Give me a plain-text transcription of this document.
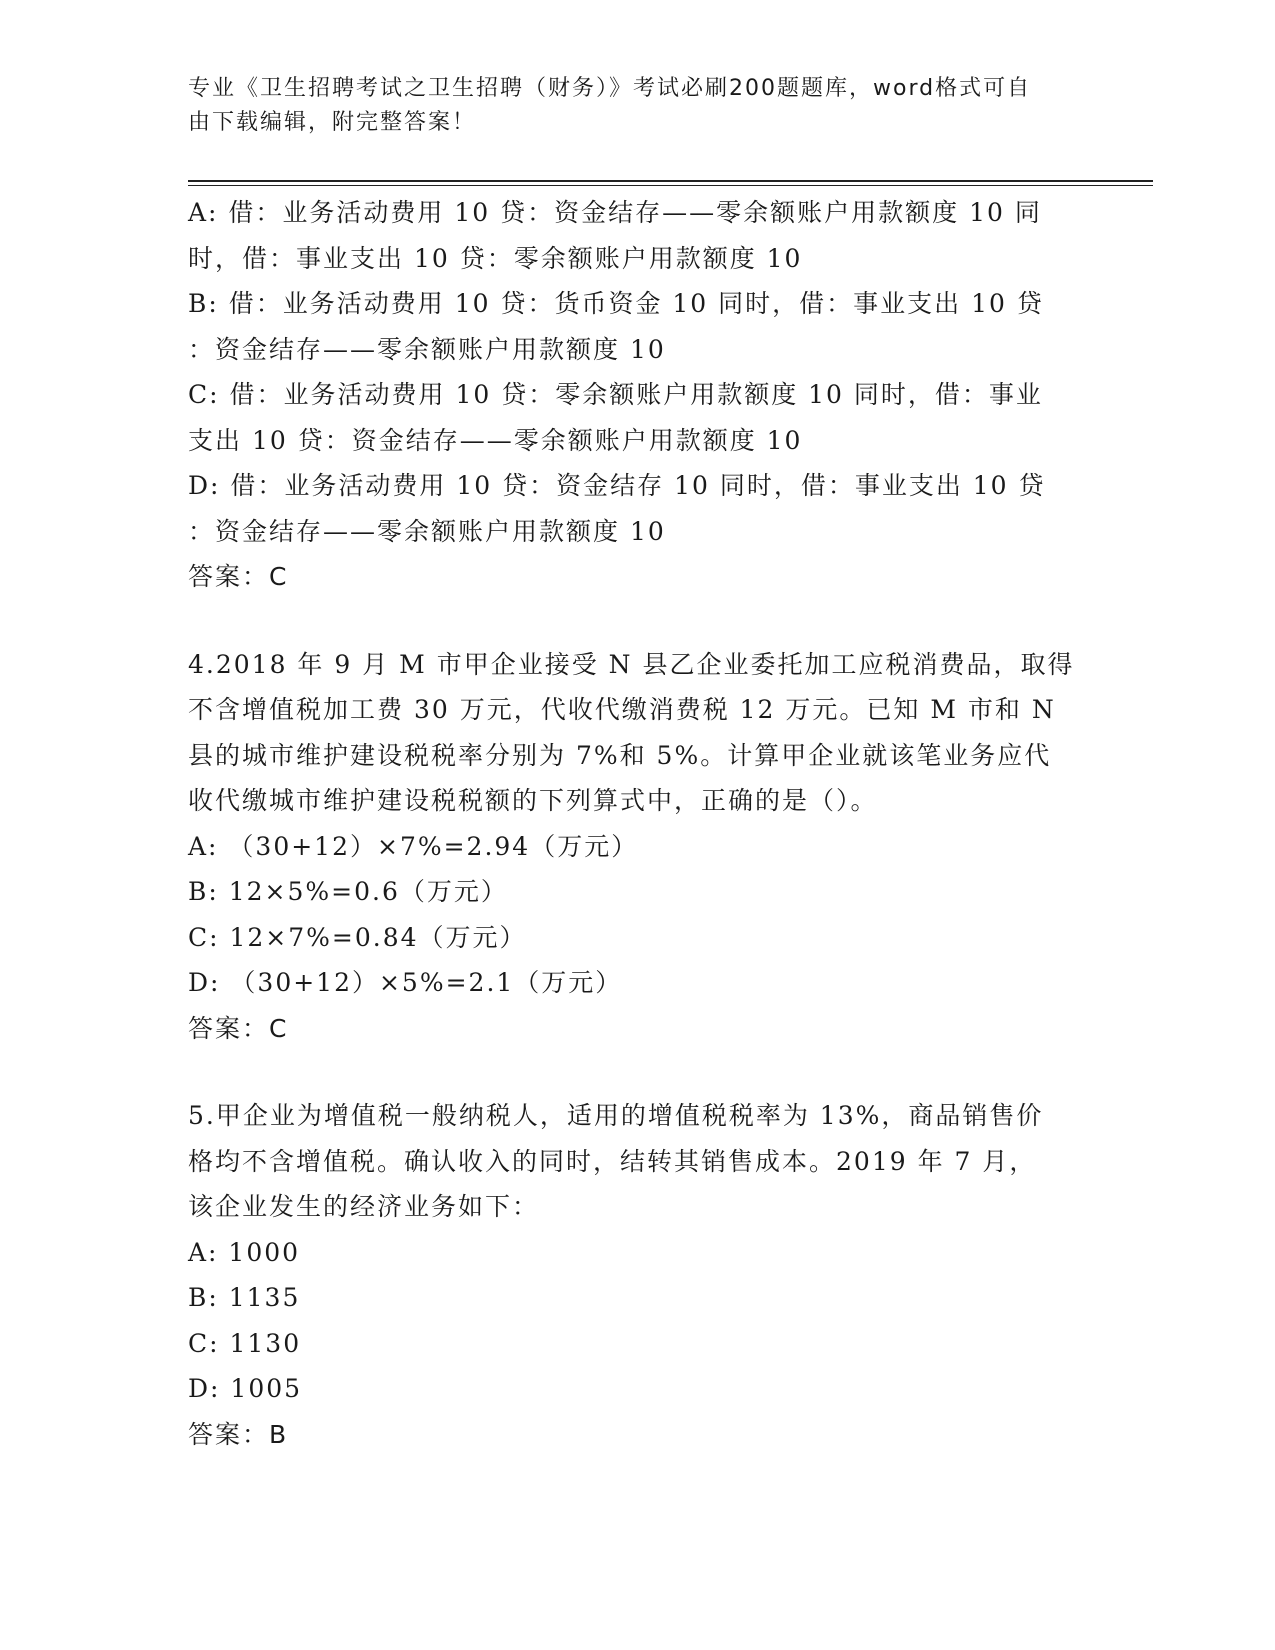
专业《卫生招聘考试之卫生招聘（财务）》考试必刷200题题库，word格式可自
由下载编辑，附完整答案！
A: 借：业务活动费用 10 贷：资金结存——零余额账户用款额度 10 同
时，借：事业支出 10 贷：零余额账户用款额度 10
B: 借：业务活动费用 10 贷：货币资金 10 同时，借：事业支出 10 贷
：资金结存——零余额账户用款额度 10
C: 借：业务活动费用 10 贷：零余额账户用款额度 10 同时，借：事业
支出 10 贷：资金结存——零余额账户用款额度 10
D: 借：业务活动费用 10 贷：资金结存 10 同时，借：事业支出 10 贷
：资金结存——零余额账户用款额度 10
答案：C
4.2018 年 9 月 M 市甲企业接受 N 县乙企业委托加工应税消费品，取得
不含增值税加工费 30 万元，代收代缴消费税 12 万元。已知 M 市和 N
县的城市维护建设税税率分别为 7%和 5%。计算甲企业就该笔业务应代
收代缴城市维护建设税税额的下列算式中，正确的是（）。
A: （30+12）×7%=2.94（万元）
B: 12×5%=0.6（万元）
C: 12×7%=0.84（万元）
D: （30+12）×5%=2.1（万元）
答案：C
5.甲企业为增值税一般纳税人，适用的增值税税率为 13%，商品销售价
格均不含增值税。确认收入的同时，结转其销售成本。2019 年 7 月，
该企业发生的经济业务如下：
A: 1000
B: 1135
C: 1130
D: 1005
答案：B
